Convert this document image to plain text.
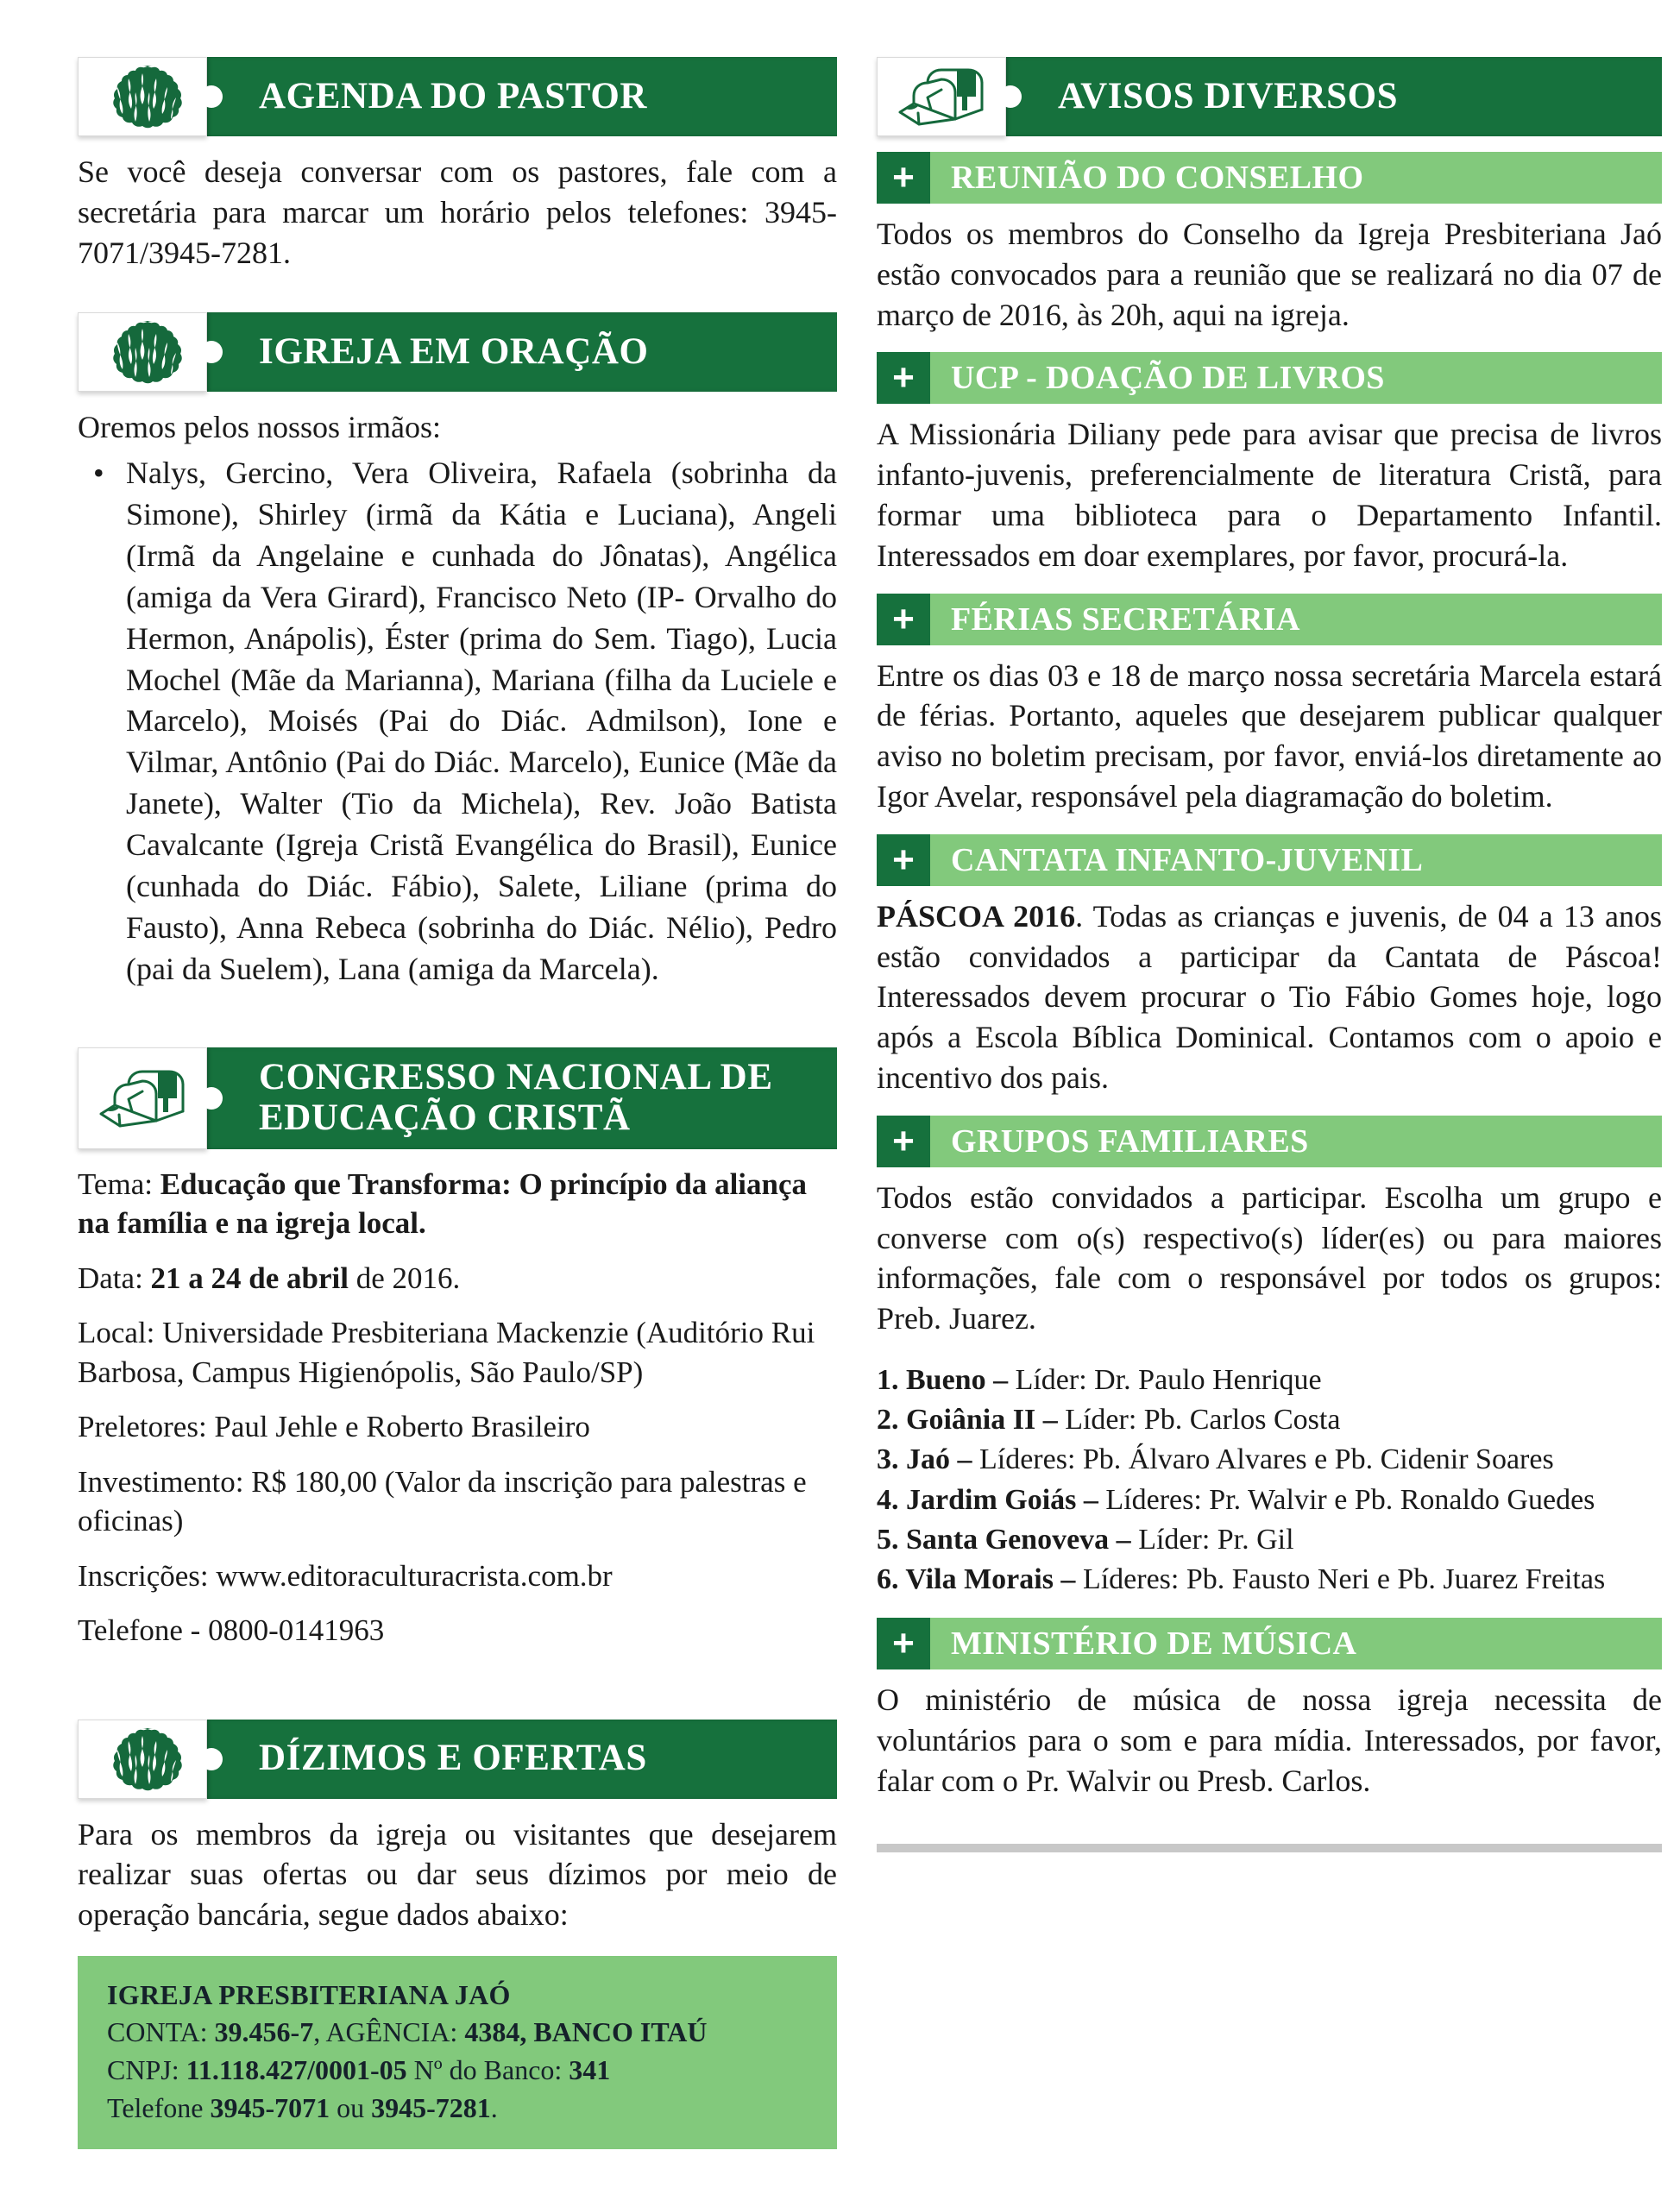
AGENDA DO PASTOR

Se você deseja conversar com os pastores, fale com a secretária para marcar um horário pelos telefones: 3945-7071/3945-7281.

IGREJA EM ORAÇÃO

Oremos pelos nossos irmãos:

• Nalys, Gercino, Vera Oliveira, Rafaela (sobrinha da Simone), Shirley (irmã da Kátia e Luciana), Angeli (Irmã da Angelaine e cunhada do Jônatas), Angélica (amiga da Vera Girard), Francisco Neto (IP- Orvalho do Hermon, Anápolis), Éster (prima do Sem. Tiago), Lucia Mochel (Mãe da Marianna), Mariana (filha da Luciele e Marcelo), Moisés (Pai do Diác. Admilson), Ione e Vilmar, Antônio (Pai do Diác. Marcelo), Eunice (Mãe da Janete), Walter (Tio da Michela), Rev. João Batista Cavalcante (Igreja Cristã Evangélica do Brasil), Eunice (cunhada do Diác. Fábio), Salete, Liliane (prima do Fausto), Anna Rebeca (sobrinha do Diác. Nélio), Pedro (pai da Suelem), Lana (amiga da Marcela).
CONGRESSO NACIONAL DE
EDUCAÇÃO CRISTÃ

Tema: Educação que Transforma: O princípio da aliança na família e na igreja local.

Data: 21 a 24 de abril de 2016.

Local: Universidade Presbiteriana Mackenzie (Auditório Rui Barbosa, Campus Higienópolis, São Paulo/SP)

Preletores: Paul Jehle e Roberto Brasileiro

Investimento: R$ 180,00 (Valor da inscrição para palestras e oficinas)

Inscrições: www.editoraculturacrista.com.br

Telefone - 0800-0141963

DÍZIMOS E OFERTAS

Para os membros da igreja ou visitantes que desejarem realizar suas ofertas ou dar seus dízimos por meio de operação bancária, segue dados abaixo:

IGREJA PRESBITERIANA JAÓ
CONTA: 39.456-7, AGÊNCIA: 4384, BANCO ITAÚ
CNPJ: 11.118.427/0001-05 Nº do Banco: 341
Telefone 3945-7071 ou 3945-7281.
AVISOS DIVERSOS
+	REUNIÃO DO CONSELHO

Todos os membros do Conselho da Igreja Presbiteriana Jaó estão convocados para a reunião que se realizará no dia 07 de março de 2016, às 20h, aqui na igreja.

+	UCP - DOAÇÃO DE LIVROS

A Missionária Diliany pede para avisar que precisa de livros infanto-juvenis, preferencialmente de literatura Cristã, para formar uma biblioteca para o Departamento Infantil. Interessados em doar exemplares, por favor, procurá-la.

+	FÉRIAS SECRETÁRIA

Entre os dias 03 e 18 de março nossa secretária Marcela estará de férias. Portanto, aqueles que desejarem publicar qualquer aviso no boletim precisam, por favor, enviá-los diretamente ao Igor Avelar, responsável pela diagramação do boletim.

+	CANTATA INFANTO-JUVENIL

PÁSCOA 2016. Todas as crianças e juvenis, de 04 a 13 anos estão convidados a participar da Cantata de Páscoa! Interessados devem procurar o Tio Fábio Gomes hoje, logo após a Escola Bíblica Dominical. Contamos com o apoio e incentivo dos pais.

+	GRUPOS FAMILIARES

Todos estão convidados a participar. Escolha um grupo e converse com o(s) respectivo(s) líder(es) ou para maiores informações, fale com o responsável por todos os grupos: Preb. Juarez.

1. Bueno – Líder: Dr. Paulo Henrique
2. Goiânia II – Líder: Pb. Carlos Costa
3. Jaó – Líderes: Pb. Álvaro Alvares e Pb. Cidenir Soares
4. Jardim Goiás – Líderes: Pr. Walvir e Pb. Ronaldo Guedes
5. Santa Genoveva – Líder: Pr. Gil
6. Vila Morais – Líderes: Pb. Fausto Neri e Pb. Juarez Freitas
+	MINISTÉRIO DE MÚSICA

O ministério de música de nossa igreja necessita de voluntários para o som e para mídia. Interessados, por favor, falar com o Pr. Walvir ou Presb. Carlos.
